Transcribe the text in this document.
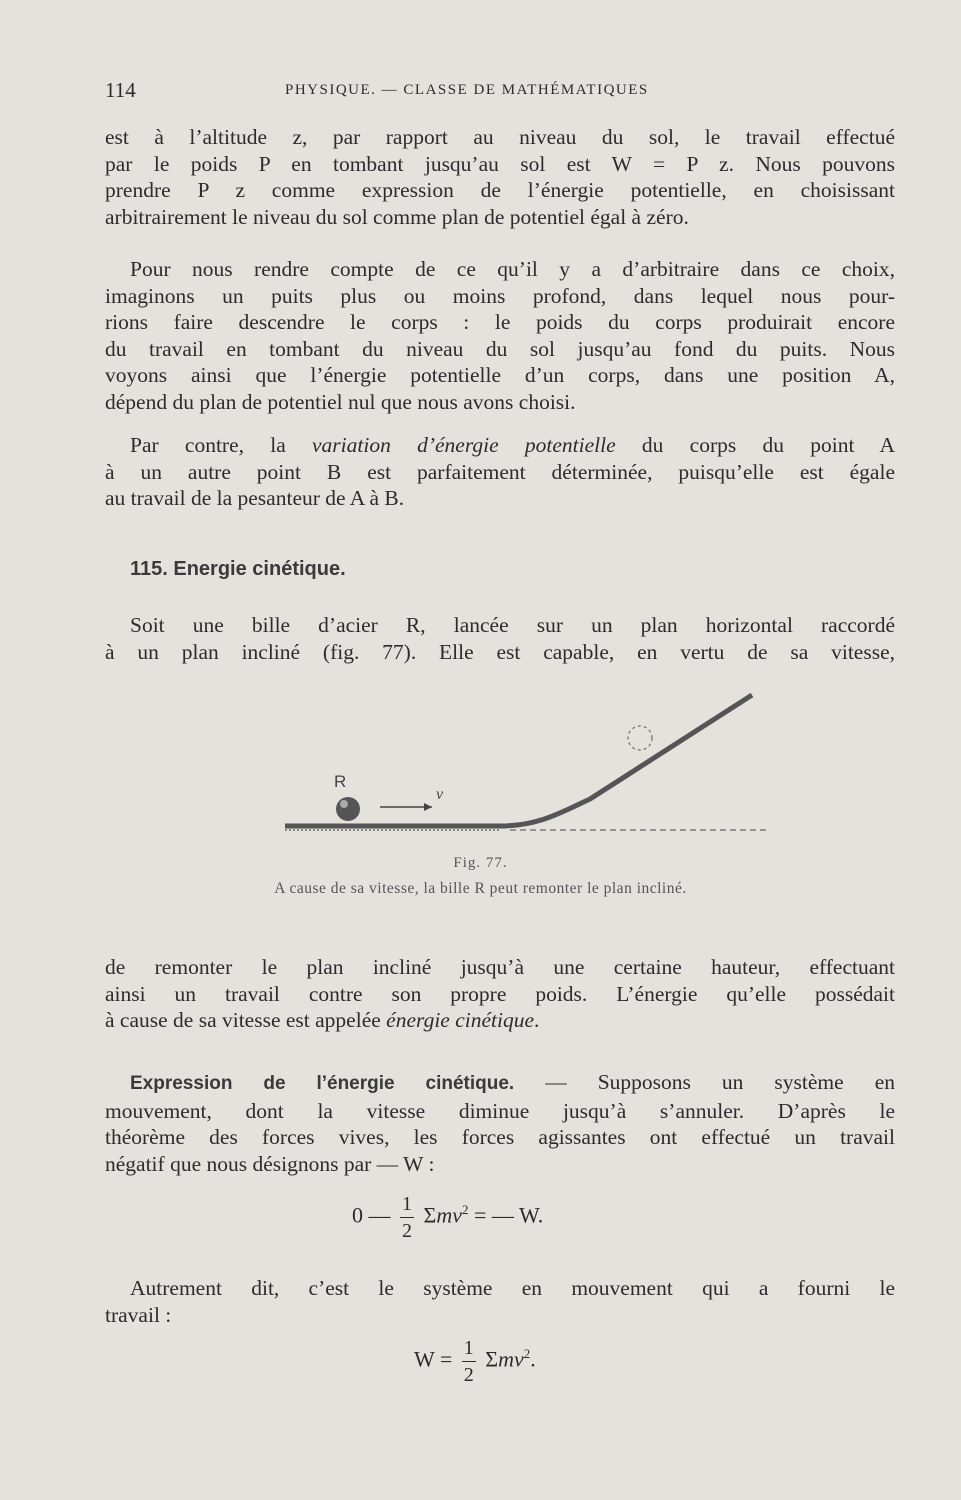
114	PHYSIQUE. — CLASSE DE MATHÉMATIQUES
est à l’altitude z, par rapport au niveau du sol, le travail effectué
par le poids P en tombant jusqu’au sol est W = P z. Nous pouvons
prendre P z comme expression de l’énergie potentielle, en choisissant
arbitrairement le niveau du sol comme plan de potentiel égal à zéro.
Pour nous rendre compte de ce qu’il y a d’arbitraire dans ce choix,
imaginons un puits plus ou moins profond, dans lequel nous pour-
rions faire descendre le corps : le poids du corps produirait encore
du travail en tombant du niveau du sol jusqu’au fond du puits. Nous
voyons ainsi que l’énergie potentielle d’un corps, dans une position A,
dépend du plan de potentiel nul que nous avons choisi.
Par contre, la variation d’énergie potentielle du corps du point A
à un autre point B est parfaitement déterminée, puisqu’elle est égale
au travail de la pesanteur de A à B.
115. Energie cinétique.
Soit une bille d’acier R, lancée sur un plan horizontal raccordé
à un plan incliné (fig. 77). Elle est capable, en vertu de sa vitesse,
R
v
Fig. 77.
A cause de sa vitesse, la bille R peut remonter le plan incliné.
de remonter le plan incliné jusqu’à une certaine hauteur, effectuant
ainsi un travail contre son propre poids. L’énergie qu’elle possédait
à cause de sa vitesse est appelée énergie cinétique.
Expression de l’énergie cinétique. — Supposons un système en
mouvement, dont la vitesse diminue jusqu’à s’annuler. D’après le
théorème des forces vives, les forces agissantes ont effectué un travail
négatif que nous désignons par — W :
0 — $\frac{1}{2} \Sigma mv^2$ = — W.
Autrement dit, c’est le système en mouvement qui a fourni le
travail :
$W = \frac{1}{2} \Sigma mv^2$.
